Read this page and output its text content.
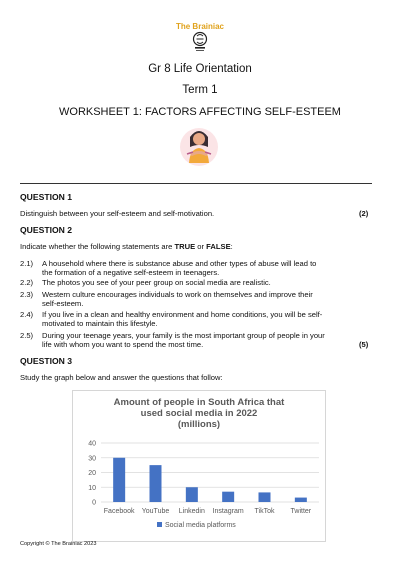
The Brainiac
Gr 8 Life Orientation
Term 1
WORKSHEET 1: FACTORS AFFECTING SELF-ESTEEM
QUESTION 1
Distinguish between your self-esteem and self-motivation.	(2)
QUESTION 2
Indicate whether the following statements are TRUE or FALSE:
2.1)	A household where there is substance abuse and other types of abuse will lead to
the formation of a negative self-esteem in teenagers.
2.2)	The photos you see of your peer group on social media are realistic.
2.3)	Western culture encourages individuals to work on themselves and improve their
self-esteem.
2.4)	If you live in a clean and healthy environment and home conditions, you will be self-
motivated to maintain this lifestyle.
2.5)	During your teenage years, your family is the most important group of people in your
life with whom you want to spend the most time.	(5)
QUESTION 3
Study the graph below and answer the questions that follow:
Amount of people in South Africa that
used social media in 2022
(millions)
0
10
20
30
40
Facebook YouTube Linkedin Instagram TikTok Twitter
Social media platforms
Copyright © The Brainiac 2023
